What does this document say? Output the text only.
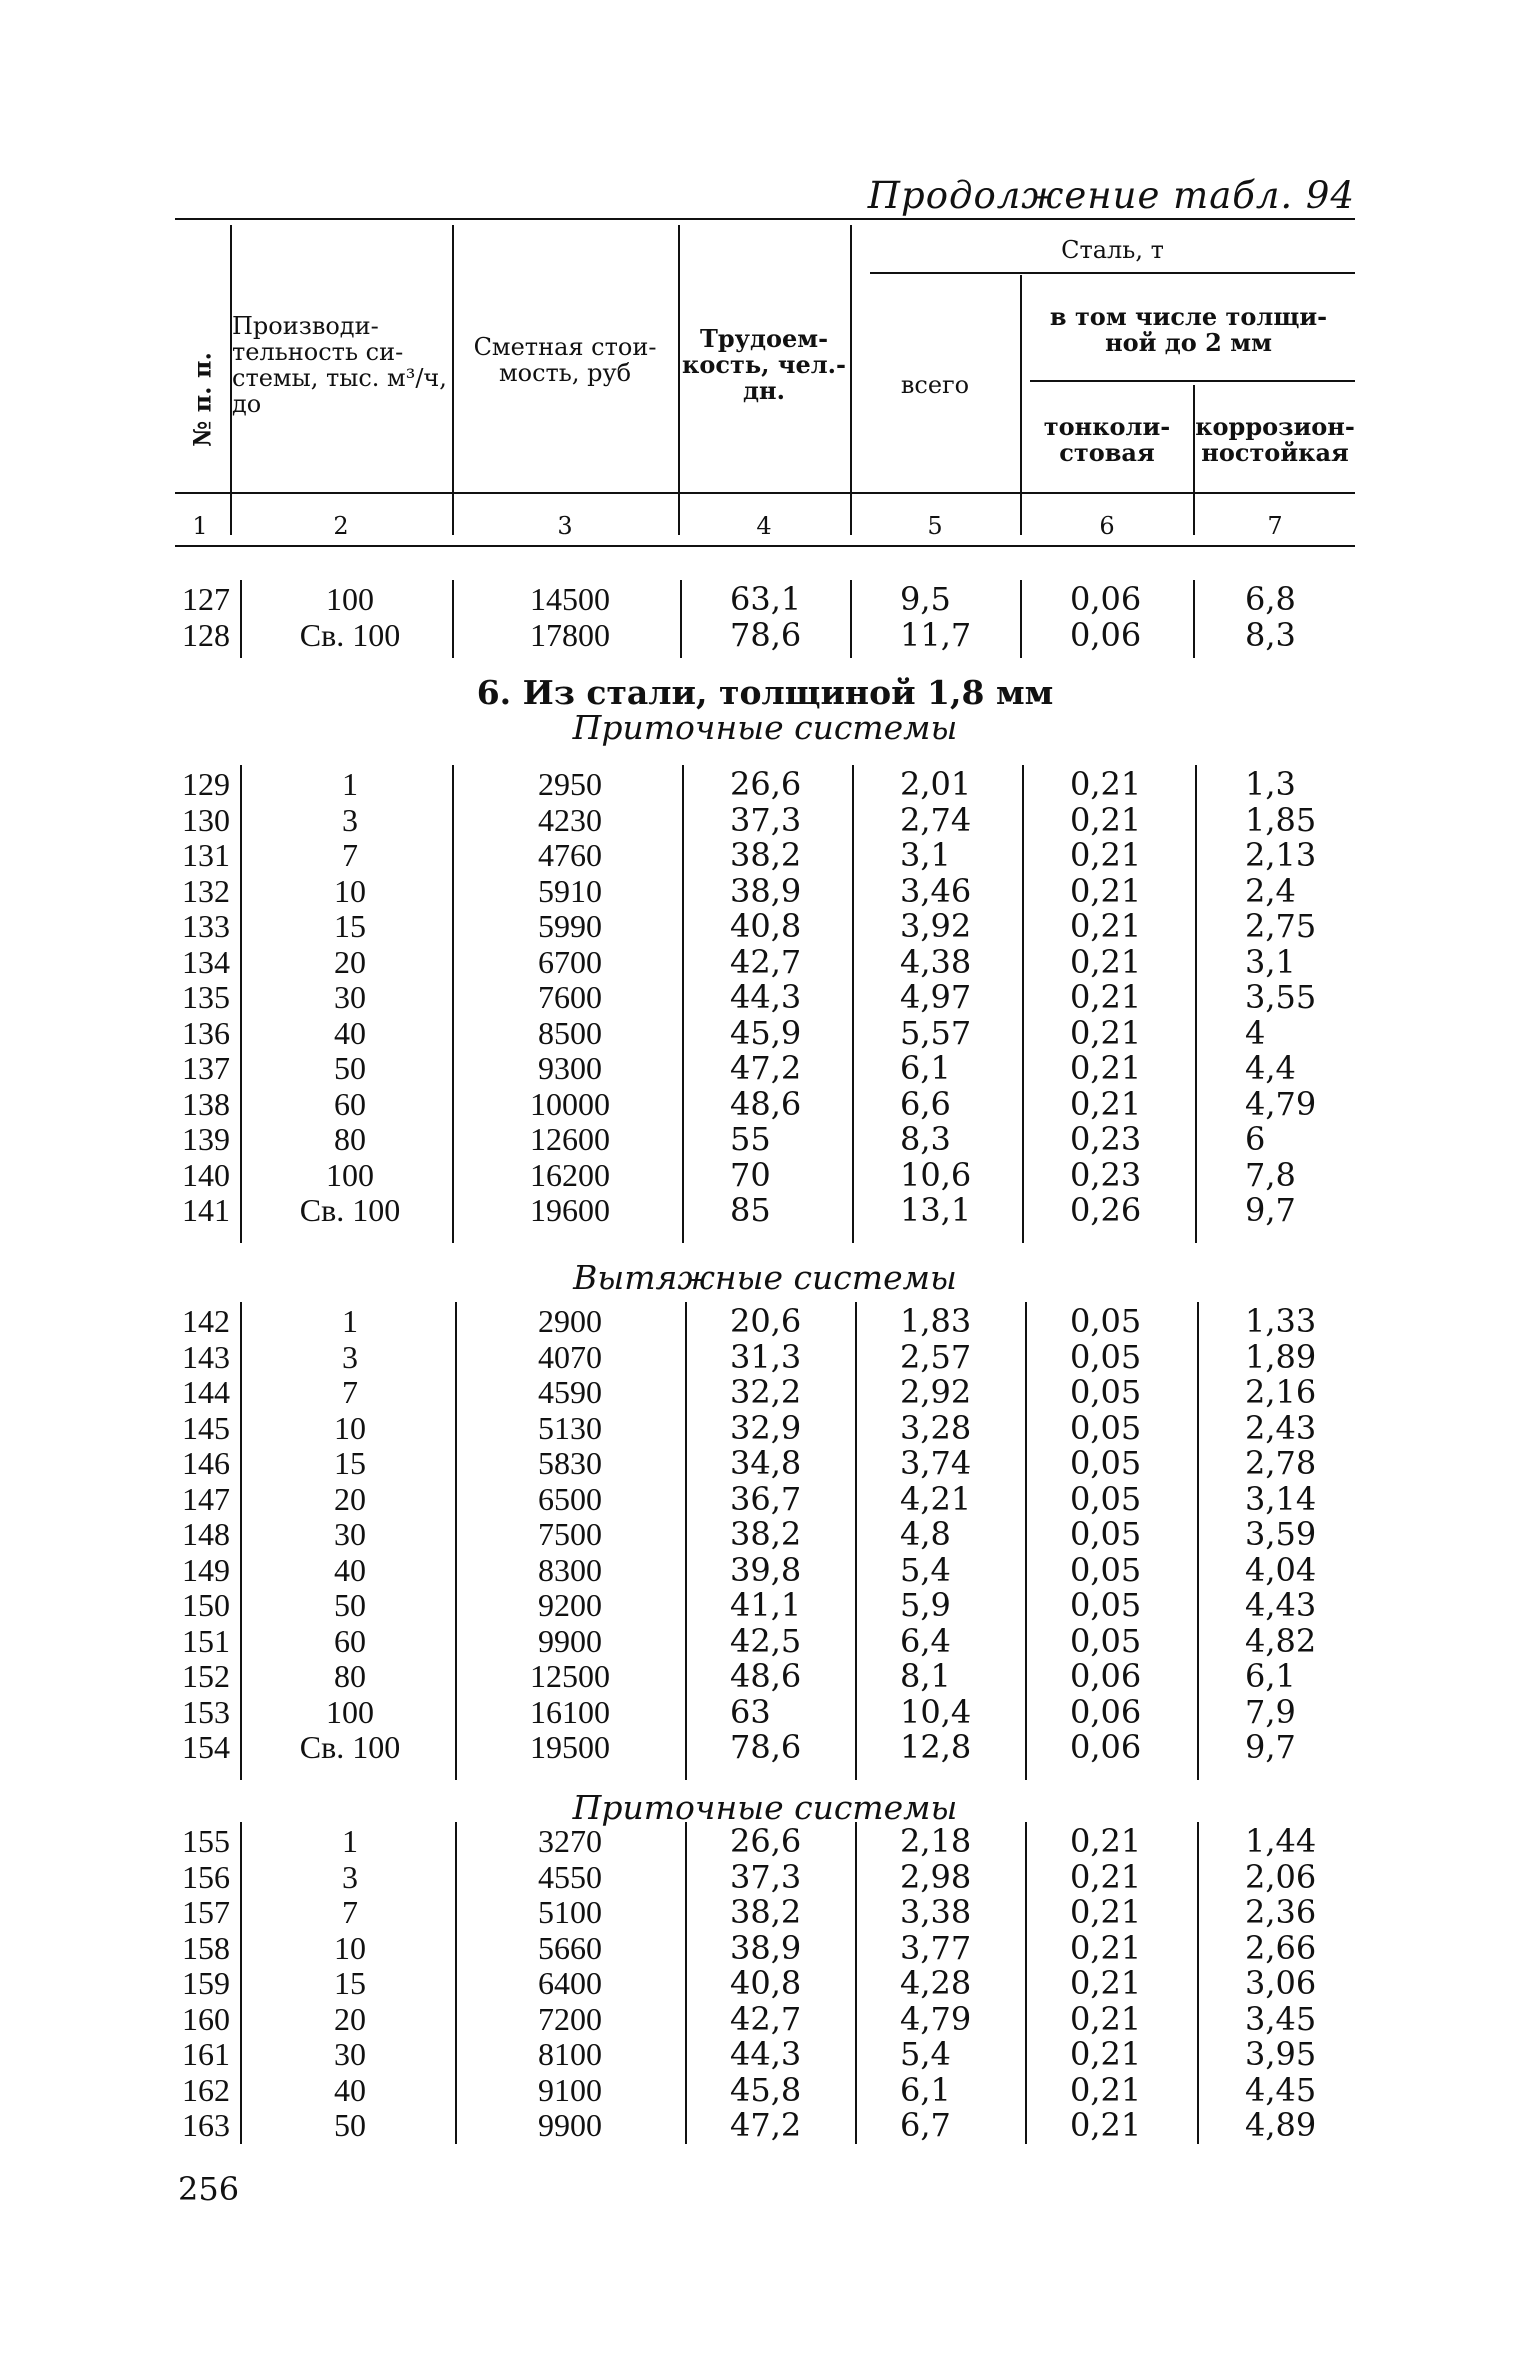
Продолжение табл. 94
№ п. п.
Производи- тельность си- стемы, тыс. м³/ч, до
Сметная стои- мость, руб
Трудоем- кость, чел.-дн.
Сталь, т
всего
в том числе толщи- ной до 2 мм
тонколи- стовая
коррозион- ностойкая
1	2	3	4	5	6	7
127	100	14500	63,1	9,5	0,06	6,8
128	Св. 100	17800	78,6	11,7	0,06	8,3
6. Из стали, толщиной 1,8 мм
Приточные системы
129	1	2950	26,6	2,01	0,21	1,3
130	3	4230	37,3	2,74	0,21	1,85
131	7	4760	38,2	3,1	0,21	2,13
132	10	5910	38,9	3,46	0,21	2,4
133	15	5990	40,8	3,92	0,21	2,75
134	20	6700	42,7	4,38	0,21	3,1
135	30	7600	44,3	4,97	0,21	3,55
136	40	8500	45,9	5,57	0,21	4
137	50	9300	47,2	6,1	0,21	4,4
138	60	10000	48,6	6,6	0,21	4,79
139	80	12600	55	8,3	0,23	6
140	100	16200	70	10,6	0,23	7,8
141	Св. 100	19600	85	13,1	0,26	9,7
Вытяжные системы
142	1	2900	20,6	1,83	0,05	1,33
143	3	4070	31,3	2,57	0,05	1,89
144	7	4590	32,2	2,92	0,05	2,16
145	10	5130	32,9	3,28	0,05	2,43
146	15	5830	34,8	3,74	0,05	2,78
147	20	6500	36,7	4,21	0,05	3,14
148	30	7500	38,2	4,8	0,05	3,59
149	40	8300	39,8	5,4	0,05	4,04
150	50	9200	41,1	5,9	0,05	4,43
151	60	9900	42,5	6,4	0,05	4,82
152	80	12500	48,6	8,1	0,06	6,1
153	100	16100	63	10,4	0,06	7,9
154	Св. 100	19500	78,6	12,8	0,06	9,7
Приточные системы
155	1	3270	26,6	2,18	0,21	1,44
156	3	4550	37,3	2,98	0,21	2,06
157	7	5100	38,2	3,38	0,21	2,36
158	10	5660	38,9	3,77	0,21	2,66
159	15	6400	40,8	4,28	0,21	3,06
160	20	7200	42,7	4,79	0,21	3,45
161	30	8100	44,3	5,4	0,21	3,95
162	40	9100	45,8	6,1	0,21	4,45
163	50	9900	47,2	6,7	0,21	4,89
256
